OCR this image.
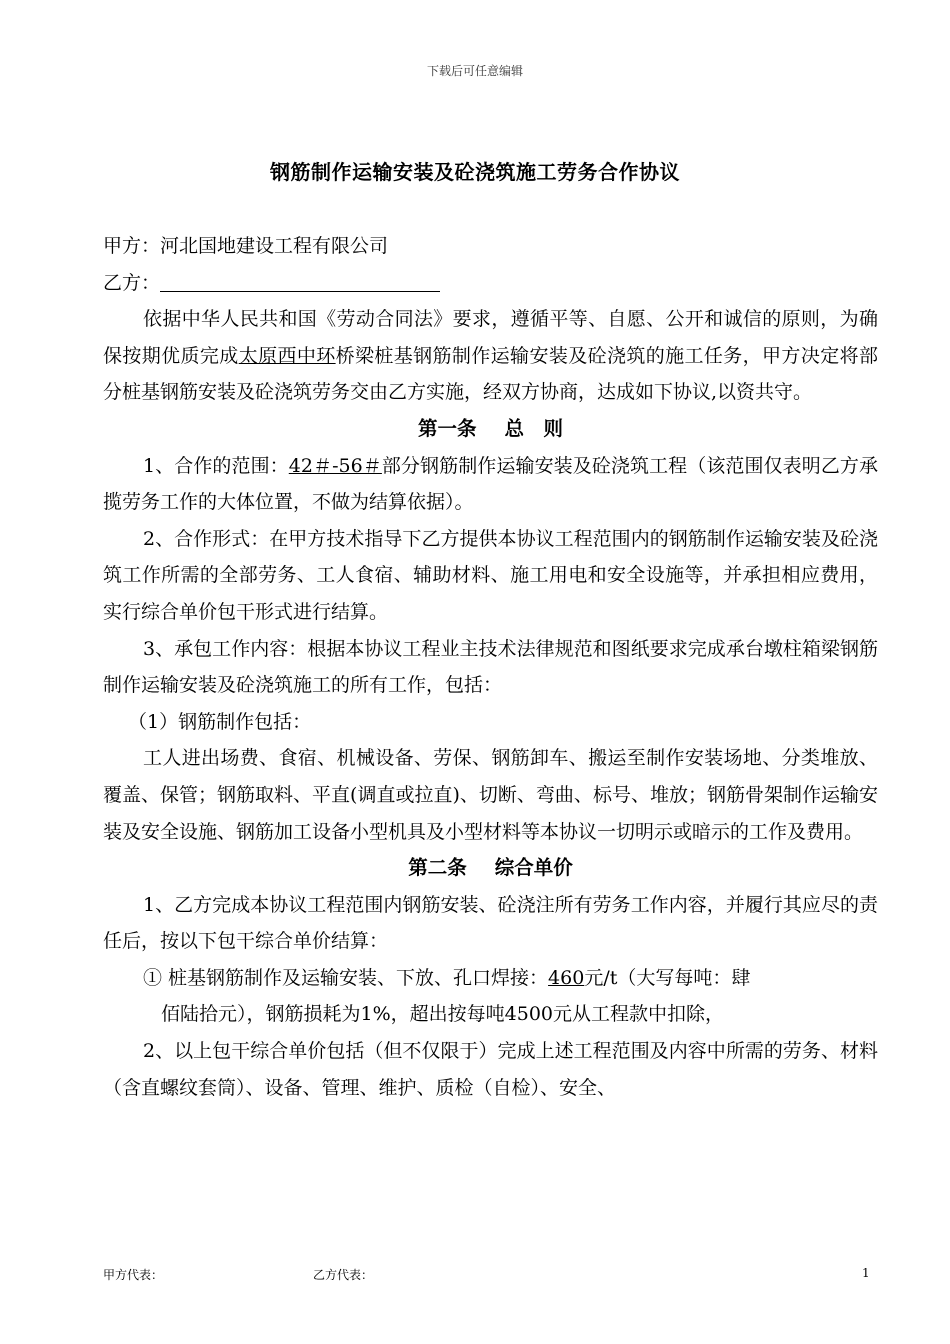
下载后可任意编辑
钢筋制作运输安装及砼浇筑施工劳务合作协议

甲方：河北国地建设工程有限公司

乙方：

依据中华人民共和国《劳动合同法》要求，遵循平等、自愿、公开和诚信的原则，为确保按期优质完成太原西中环桥梁桩基钢筋制作运输安装及砼浇筑的施工任务，甲方决定将部分桩基钢筋安装及砼浇筑劳务交由乙方实施，经双方协商，达成如下协议,以资共守。

第一条 总　则

1、合作的范围：42＃-56＃部分钢筋制作运输安装及砼浇筑工程（该范围仅表明乙方承揽劳务工作的大体位置，不做为结算依据）。

2、合作形式：在甲方技术指导下乙方提供本协议工程范围内的钢筋制作运输安装及砼浇筑工作所需的全部劳务、工人食宿、辅助材料、施工用电和安全设施等，并承担相应费用，实行综合单价包干形式进行结算。

3、承包工作内容：根据本协议工程业主技术法律规范和图纸要求完成承台墩柱箱梁钢筋制作运输安装及砼浇筑施工的所有工作，包括：

（1）钢筋制作包括：

工人进出场费、食宿、机械设备、劳保、钢筋卸车、搬运至制作安装场地、分类堆放、覆盖、保管；钢筋取料、平直(调直或拉直)、切断、弯曲、标号、堆放；钢筋骨架制作运输安装及安全设施、钢筋加工设备小型机具及小型材料等本协议一切明示或暗示的工作及费用。

第二条 综合单价

1、乙方完成本协议工程范围内钢筋安装、砼浇注所有劳务工作内容，并履行其应尽的责任后，按以下包干综合单价结算：

① 桩基钢筋制作及运输安装、下放、孔口焊接：460元/t（大写每吨：肆

佰陆拾元），钢筋损耗为1%，超出按每吨4500元从工程款中扣除，

2、以上包干综合单价包括（但不仅限于）完成上述工程范围及内容中所需的劳务、材料（含直螺纹套筒）、设备、管理、维护、质检（自检）、安全、

甲方代表：	乙方代表：	1
